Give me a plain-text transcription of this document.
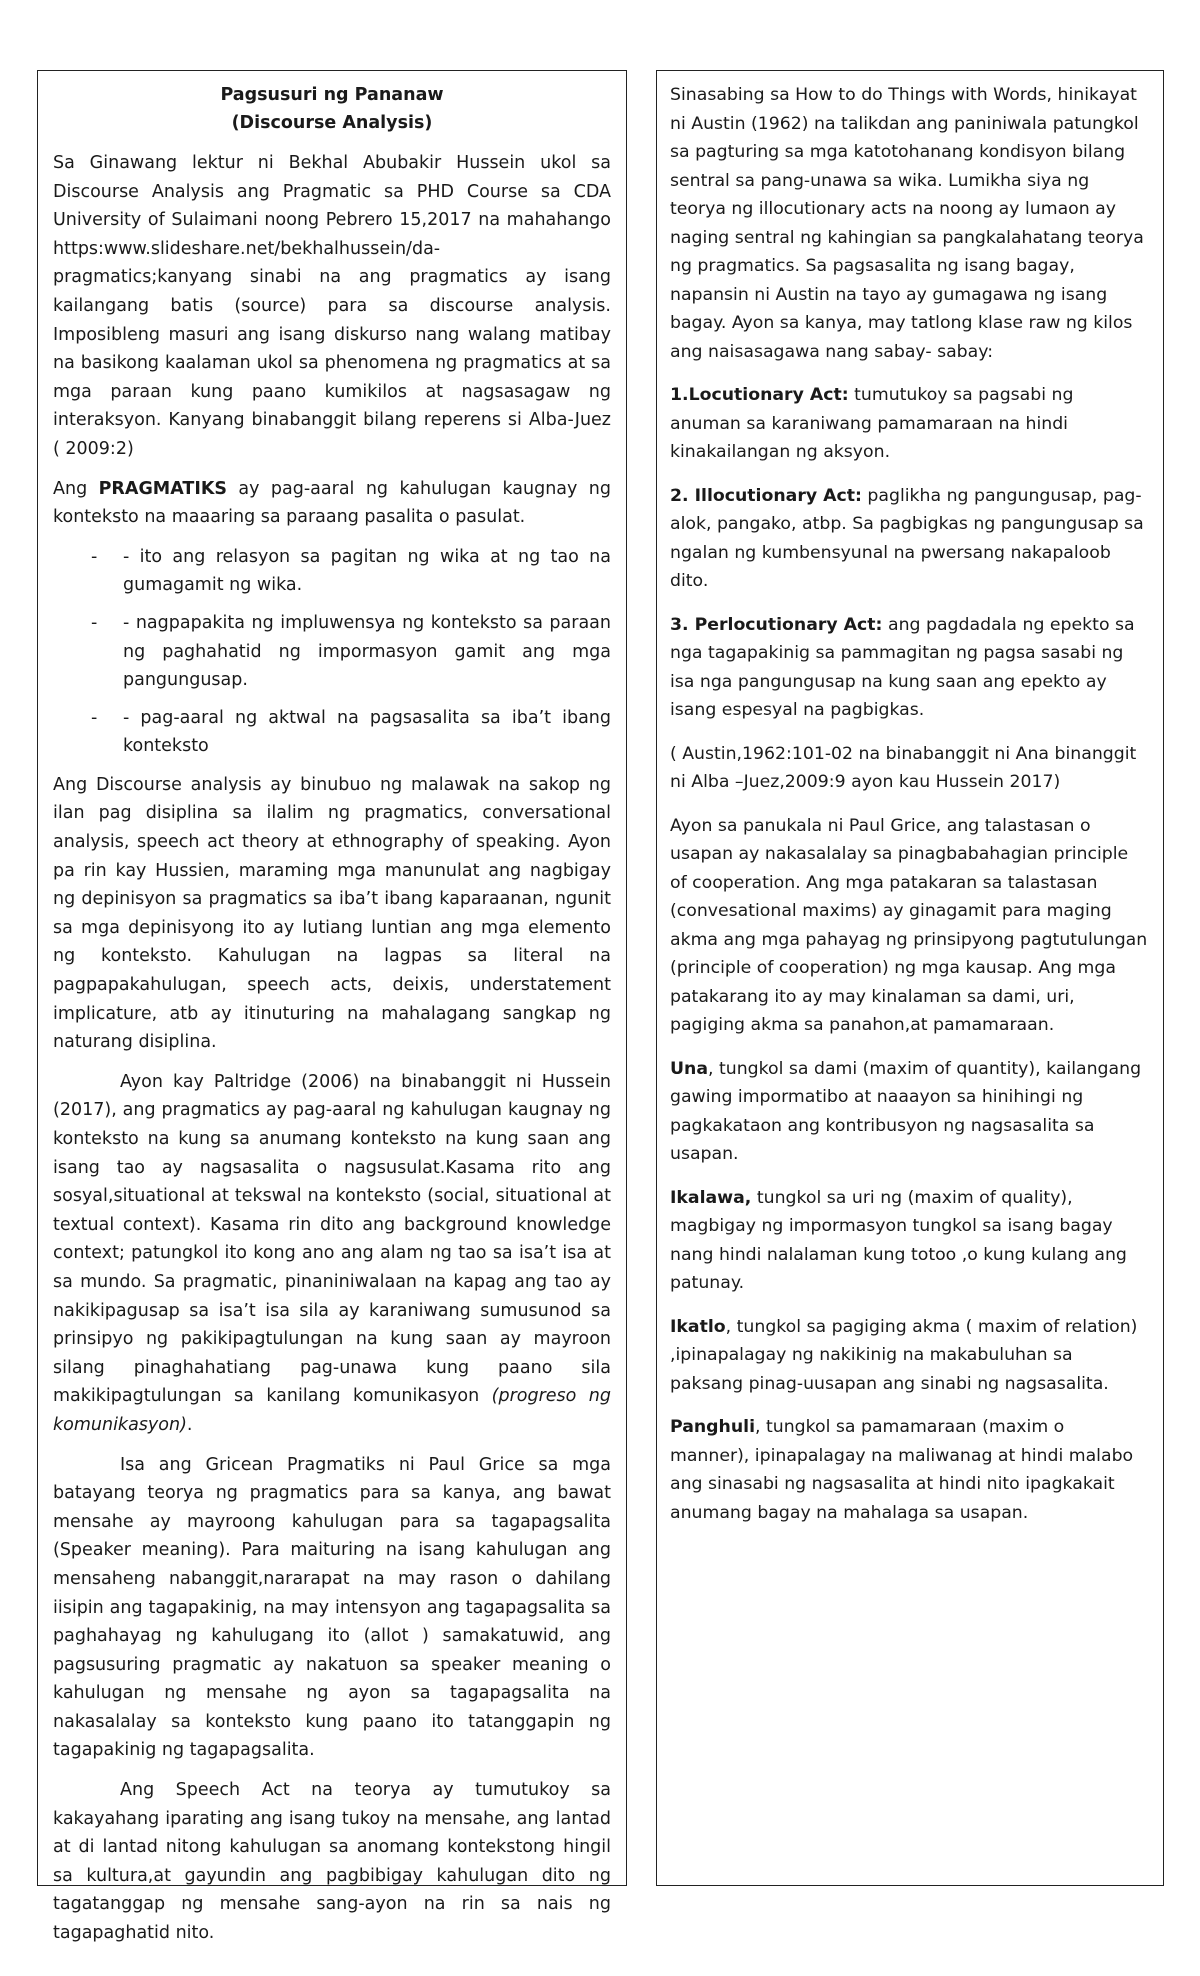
Pagsusuri ng Pananaw
(Discourse Analysis)

Sa Ginawang lektur ni Bekhal Abubakir Hussein ukol sa Discourse Analysis ang Pragmatic sa PHD Course sa CDA University of Sulaimani noong Pebrero 15,2017 na mahahango https:www.slideshare.net/bekhalhussein/da-pragmatics;kanyang sinabi na ang pragmatics ay isang kailangang batis (source) para sa discourse analysis. Imposibleng masuri ang isang diskurso nang walang matibay na basikong kaalaman ukol sa phenomena ng pragmatics at sa mga paraan kung paano kumikilos at nagsasagaw ng interaksyon. Kanyang binabanggit bilang reperens si Alba-Juez ( 2009:2)

Ang PRAGMATIKS ay pag-aaral ng kahulugan kaugnay ng konteksto na maaaring sa paraang pasalita o pasulat.

- - ito ang relasyon sa pagitan ng wika at ng tao na gumagamit ng wika.
- - nagpapakita ng impluwensya ng konteksto sa paraan ng paghahatid ng impormasyon gamit ang mga pangungusap.
- - pag-aaral ng aktwal na pagsasalita sa iba’t ibang konteksto

Ang Discourse analysis ay binubuo ng malawak na sakop ng ilan pag disiplina sa ilalim ng pragmatics, conversational analysis, speech act theory at ethnography of speaking. Ayon pa rin kay Hussien, maraming mga manunulat ang nagbigay ng depinisyon sa pragmatics sa iba’t ibang kaparaanan, ngunit sa mga depinisyong ito ay lutiang luntian ang mga elemento ng konteksto. Kahulugan na lagpas sa literal na pagpapakahulugan, speech acts, deixis, understatement implicature, atb ay itinuturing na mahalagang sangkap ng naturang disiplina.

Ayon kay Paltridge (2006) na binabanggit ni Hussein (2017), ang pragmatics ay pag-aaral ng kahulugan kaugnay ng konteksto na kung sa anumang konteksto na kung saan ang isang tao ay nagsasalita o nagsusulat.Kasama rito ang sosyal,situational at tekswal na konteksto (social, situational at textual context). Kasama rin dito ang background knowledge context; patungkol ito kong ano ang alam ng tao sa isa’t isa at sa mundo. Sa pragmatic, pinaniniwalaan na kapag ang tao ay nakikipagusap sa isa’t isa sila ay karaniwang sumusunod sa prinsipyo ng pakikipagtulungan na kung saan ay mayroon silang pinaghahatiang pag-unawa kung paano sila makikipagtulungan sa kanilang komunikasyon (progreso ng komunikasyon).

Isa ang Gricean Pragmatiks ni Paul Grice sa mga batayang teorya ng pragmatics para sa kanya, ang bawat mensahe ay mayroong kahulugan para sa tagapagsalita (Speaker meaning). Para maituring na isang kahulugan ang mensaheng nabanggit,nararapat na may rason o dahilang iisipin ang tagapakinig, na may intensyon ang tagapagsalita sa paghahayag ng kahulugang ito (allot ) samakatuwid, ang pagsusuring pragmatic ay nakatuon sa speaker meaning o kahulugan ng mensahe ng ayon sa tagapagsalita na nakasalalay sa konteksto kung paano ito tatanggapin ng tagapakinig ng tagapagsalita.

Ang Speech Act na teorya ay tumutukoy sa kakayahang iparating ang isang tukoy na mensahe, ang lantad at di lantad nitong kahulugan sa anomang kontekstong hingil sa kultura,at gayundin ang pagbibigay kahulugan dito ng tagatanggap ng mensahe sang-ayon na rin sa nais ng tagapaghatid nito.

Sinasabing sa How to do Things with Words, hinikayat ni Austin (1962) na talikdan ang paniniwala patungkol sa pagturing sa mga katotohanang kondisyon bilang sentral sa pang-unawa sa wika. Lumikha siya ng teorya ng illocutionary acts na noong ay lumaon ay naging sentral ng kahingian sa pangkalahatang teorya ng pragmatics. Sa pagsasalita ng isang bagay, napansin ni Austin na tayo ay gumagawa ng isang bagay. Ayon sa kanya, may tatlong klase raw ng kilos ang naisasagawa nang sabay- sabay:

1.Locutionary Act: tumutukoy sa pagsabi ng anuman sa karaniwang pamamaraan na hindi kinakailangan ng aksyon.

2. Illocutionary Act: paglikha ng pangungusap, pag-alok, pangako, atbp. Sa pagbigkas ng pangungusap sa ngalan ng kumbensyunal na pwersang nakapaloob dito.

3. Perlocutionary Act: ang pagdadala ng epekto sa nga tagapakinig sa pammagitan ng pagsa sasabi ng isa nga pangungusap na kung saan ang epekto ay isang espesyal na pagbigkas.

( Austin,1962:101-02 na binabanggit ni Ana binanggit ni Alba –Juez,2009:9 ayon kau Hussein 2017)

Ayon sa panukala ni Paul Grice, ang talastasan o usapan ay nakasalalay sa pinagbabahagian principle of cooperation. Ang mga patakaran sa talastasan (convesational maxims) ay ginagamit para maging akma ang mga pahayag ng prinsipyong pagtutulungan (principle of cooperation) ng mga kausap. Ang mga patakarang ito ay may kinalaman sa dami, uri, pagiging akma sa panahon,at pamamaraan.

Una, tungkol sa dami (maxim of quantity), kailangang gawing impormatibo at naaayon sa hinihingi ng pagkakataon ang kontribusyon ng nagsasalita sa usapan.

Ikalawa, tungkol sa uri ng (maxim of quality), magbigay ng impormasyon tungkol sa isang bagay nang hindi nalalaman kung totoo ,o kung kulang ang patunay.

Ikatlo, tungkol sa pagiging akma ( maxim of relation) ,ipinapalagay ng nakikinig na makabuluhan sa paksang pinag-uusapan ang sinabi ng nagsasalita.

Panghuli, tungkol sa pamamaraan (maxim o manner), ipinapalagay na maliwanag at hindi malabo ang sinasabi ng nagsasalita at hindi nito ipagkakait anumang bagay na mahalaga sa usapan.
